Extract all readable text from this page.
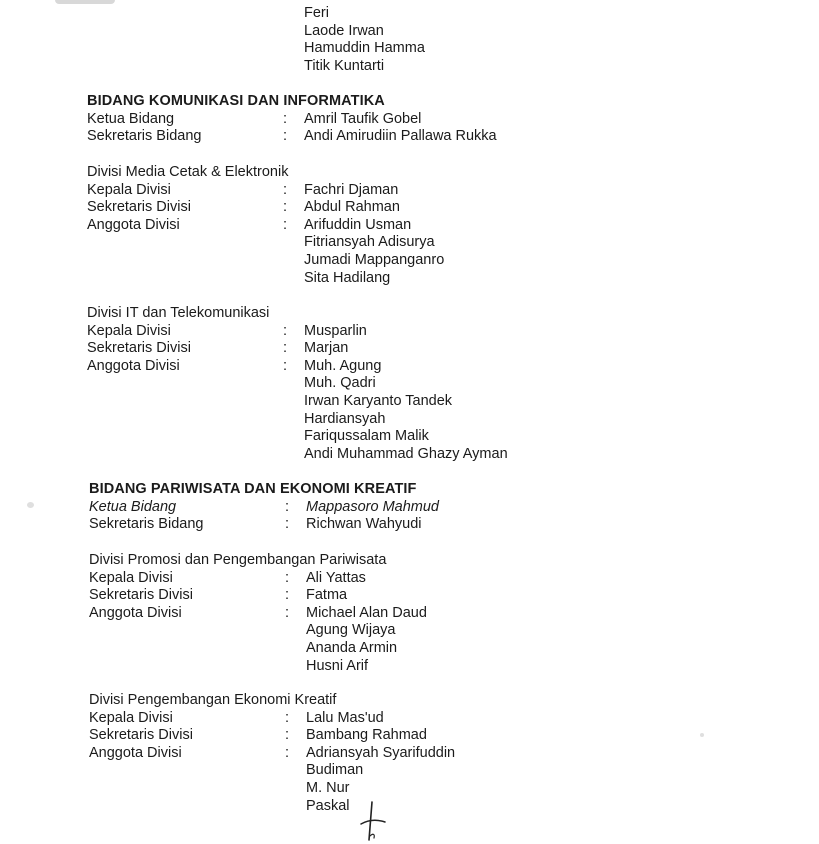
Feri
Laode Irwan
Hamuddin Hamma
Titik Kuntarti
BIDANG KOMUNIKASI DAN INFORMATIKA
Ketua Bidang	:	Amril Taufik Gobel
Sekretaris Bidang	:	Andi Amirudiin Pallawa Rukka
Divisi Media Cetak & Elektronik
Kepala Divisi	:	Fachri Djaman
Sekretaris Divisi	:	Abdul Rahman
Anggota Divisi	:	Arifuddin Usman
Fitriansyah Adisurya
Jumadi Mappanganro
Sita Hadilang
Divisi IT dan Telekomunikasi
Kepala Divisi	:	Musparlin
Sekretaris Divisi	:	Marjan
Anggota Divisi	:	Muh. Agung
Muh. Qadri
Irwan Karyanto Tandek
Hardiansyah
Fariqussalam Malik
Andi Muhammad Ghazy Ayman
BIDANG PARIWISATA DAN EKONOMI KREATIF
Ketua Bidang	:	Mappasoro Mahmud
Sekretaris Bidang	:	Richwan Wahyudi
Divisi Promosi dan Pengembangan Pariwisata
Kepala Divisi	:	Ali Yattas
Sekretaris Divisi	:	Fatma
Anggota Divisi	:	Michael Alan Daud
Agung Wijaya
Ananda Armin
Husni Arif
Divisi Pengembangan Ekonomi Kreatif
Kepala Divisi	:	Lalu Mas'ud
Sekretaris Divisi	:	Bambang Rahmad
Anggota Divisi	:	Adriansyah Syarifuddin
Budiman
M. Nur
Paskal
